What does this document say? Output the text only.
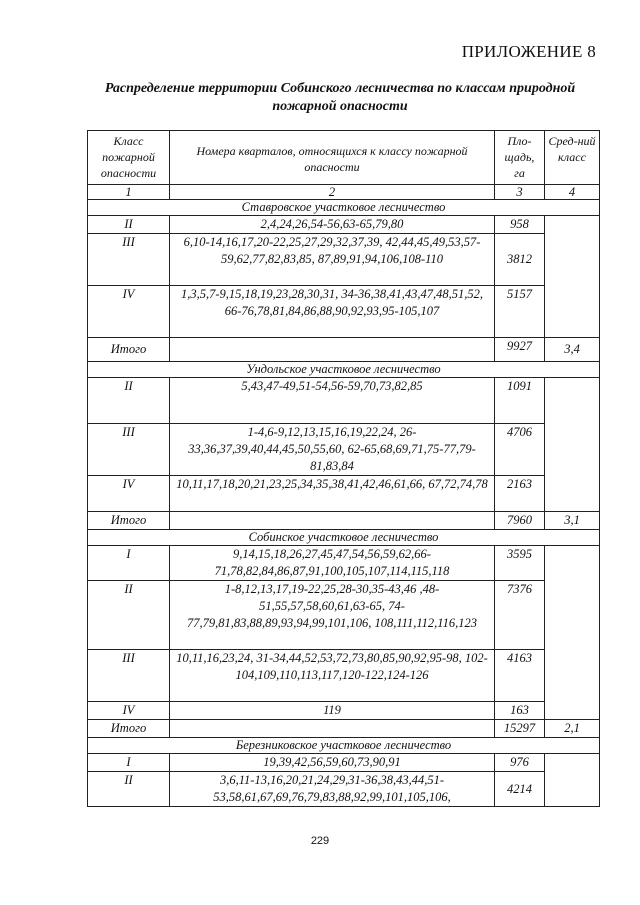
ПРИЛОЖЕНИЕ 8
Распределение территории Собинского лесничества по классам природной пожарной опасности
Класс пожарной опасности	Номера кварталов, относящихся к классу пожарной опасности	Пло-щадь, га	Сред-ний класс
1	2	3	4
Ставровское участковое лесничество			
II	2,4,24,26,54-56,63-65,79,80	958	
III	6,10-14,16,17,20-22,25,27,29,32,37,39, 42,44,45,49,53,57-59,62,77,82,83,85, 87,89,91,94,106,108-110	3812	
IV	1,3,5,7-9,15,18,19,23,28,30,31, 34-36,38,41,43,47,48,51,52, 66-76,78,81,84,86,88,90,92,93,95-105,107	5157	
Итого		9927	3,4
Ундольское участковое лесничество			
II	5,43,47-49,51-54,56-59,70,73,82,85	1091	
III	1-4,6-9,12,13,15,16,19,22,24, 26-33,36,37,39,40,44,45,50,55,60, 62-65,68,69,71,75-77,79-81,83,84	4706	
IV	10,11,17,18,20,21,23,25,34,35,38,41,42,46,61,66, 67,72,74,78	2163	
Итого		7960	3,1
Собинское участковое лесничество			
I	9,14,15,18,26,27,45,47,54,56,59,62,66- 71,78,82,84,86,87,91,100,105,107,114,115,118	3595	
II	1-8,12,13,17,19-22,25,28-30,35-43,46 ,48-51,55,57,58,60,61,63-65, 74-77,79,81,83,88,89,93,94,99,101,106, 108,111,112,116,123	7376	
III	10,11,16,23,24, 31-34,44,52,53,72,73,80,85,90,92,95-98, 102-104,109,110,113,117,120-122,124-126	4163	
IV	119	163	
Итого		15297	2,1
Березниковское участковое лесничество			
I	19,39,42,56,59,60,73,90,91	976	
II	3,6,11-13,16,20,21,24,29,31-36,38,43,44,51- 53,58,61,67,69,76,79,83,88,92,99,101,105,106,	4214	
229
